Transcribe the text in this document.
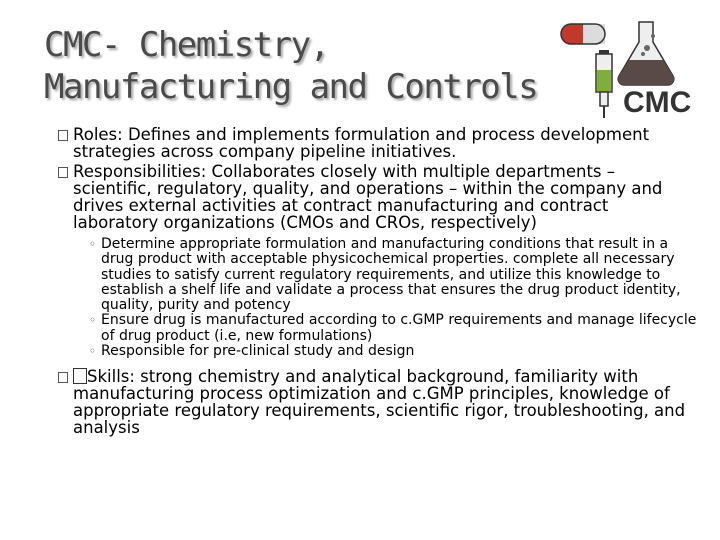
CMC- Chemistry,
Manufacturing and Controls	CMC
Roles: Defines and implements formulation and process development strategies across company pipeline initiatives.
Responsibilities: Collaborates closely with multiple departments – scientific, regulatory, quality, and operations – within the company and drives external activities at contract manufacturing and contract laboratory organizations (CMOs and CROs, respectively)
◦ Determine appropriate formulation and manufacturing conditions that result in a drug product with acceptable physicochemical properties. complete all necessary studies to satisfy current regulatory requirements, and utilize this knowledge to establish a shelf life and validate a process that ensures the drug product identity, quality, purity and potency
◦ Ensure drug is manufactured according to c.GMP requirements and manage lifecycle of drug product (i.e, new formulations)
◦ Responsible for pre-clinical study and design
Skills: strong chemistry and analytical background, familiarity with manufacturing process optimization and c.GMP principles, knowledge of appropriate regulatory requirements, scientific rigor, troubleshooting, and analysis
